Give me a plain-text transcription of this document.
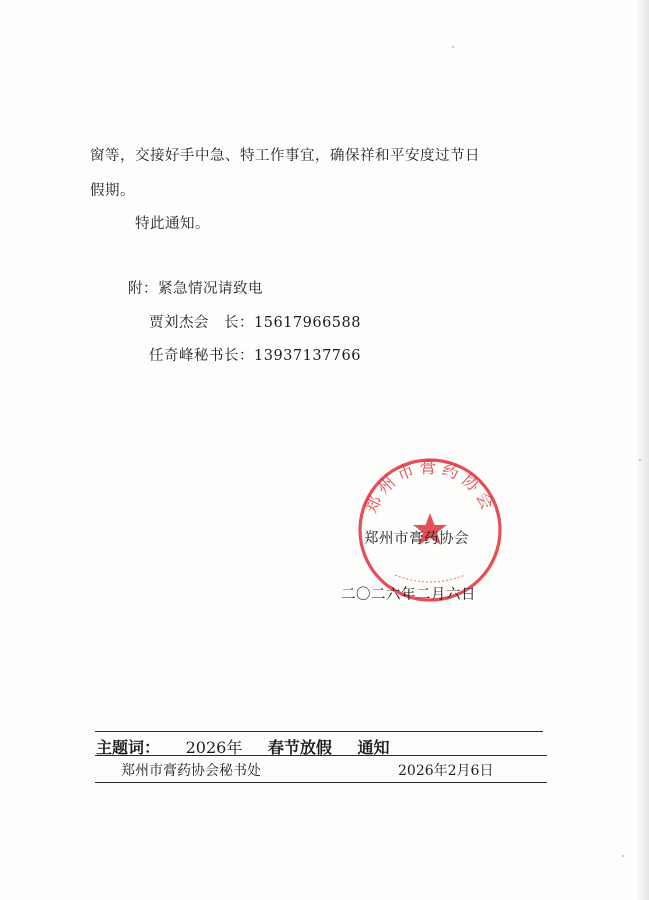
窗等，交接好手中急、特工作事宜，确保祥和平安度过节日
假期。
特此通知。
附：紧急情况请致电
贾刘杰会　长：15617966588
任奇峰秘书长：13937137766
郑州市膏药协会
郑州市膏药协会
二〇二六年二月六日
主题词： 2026年 春节放假 通知
郑州市膏药协会秘书处	2026年2月6日
